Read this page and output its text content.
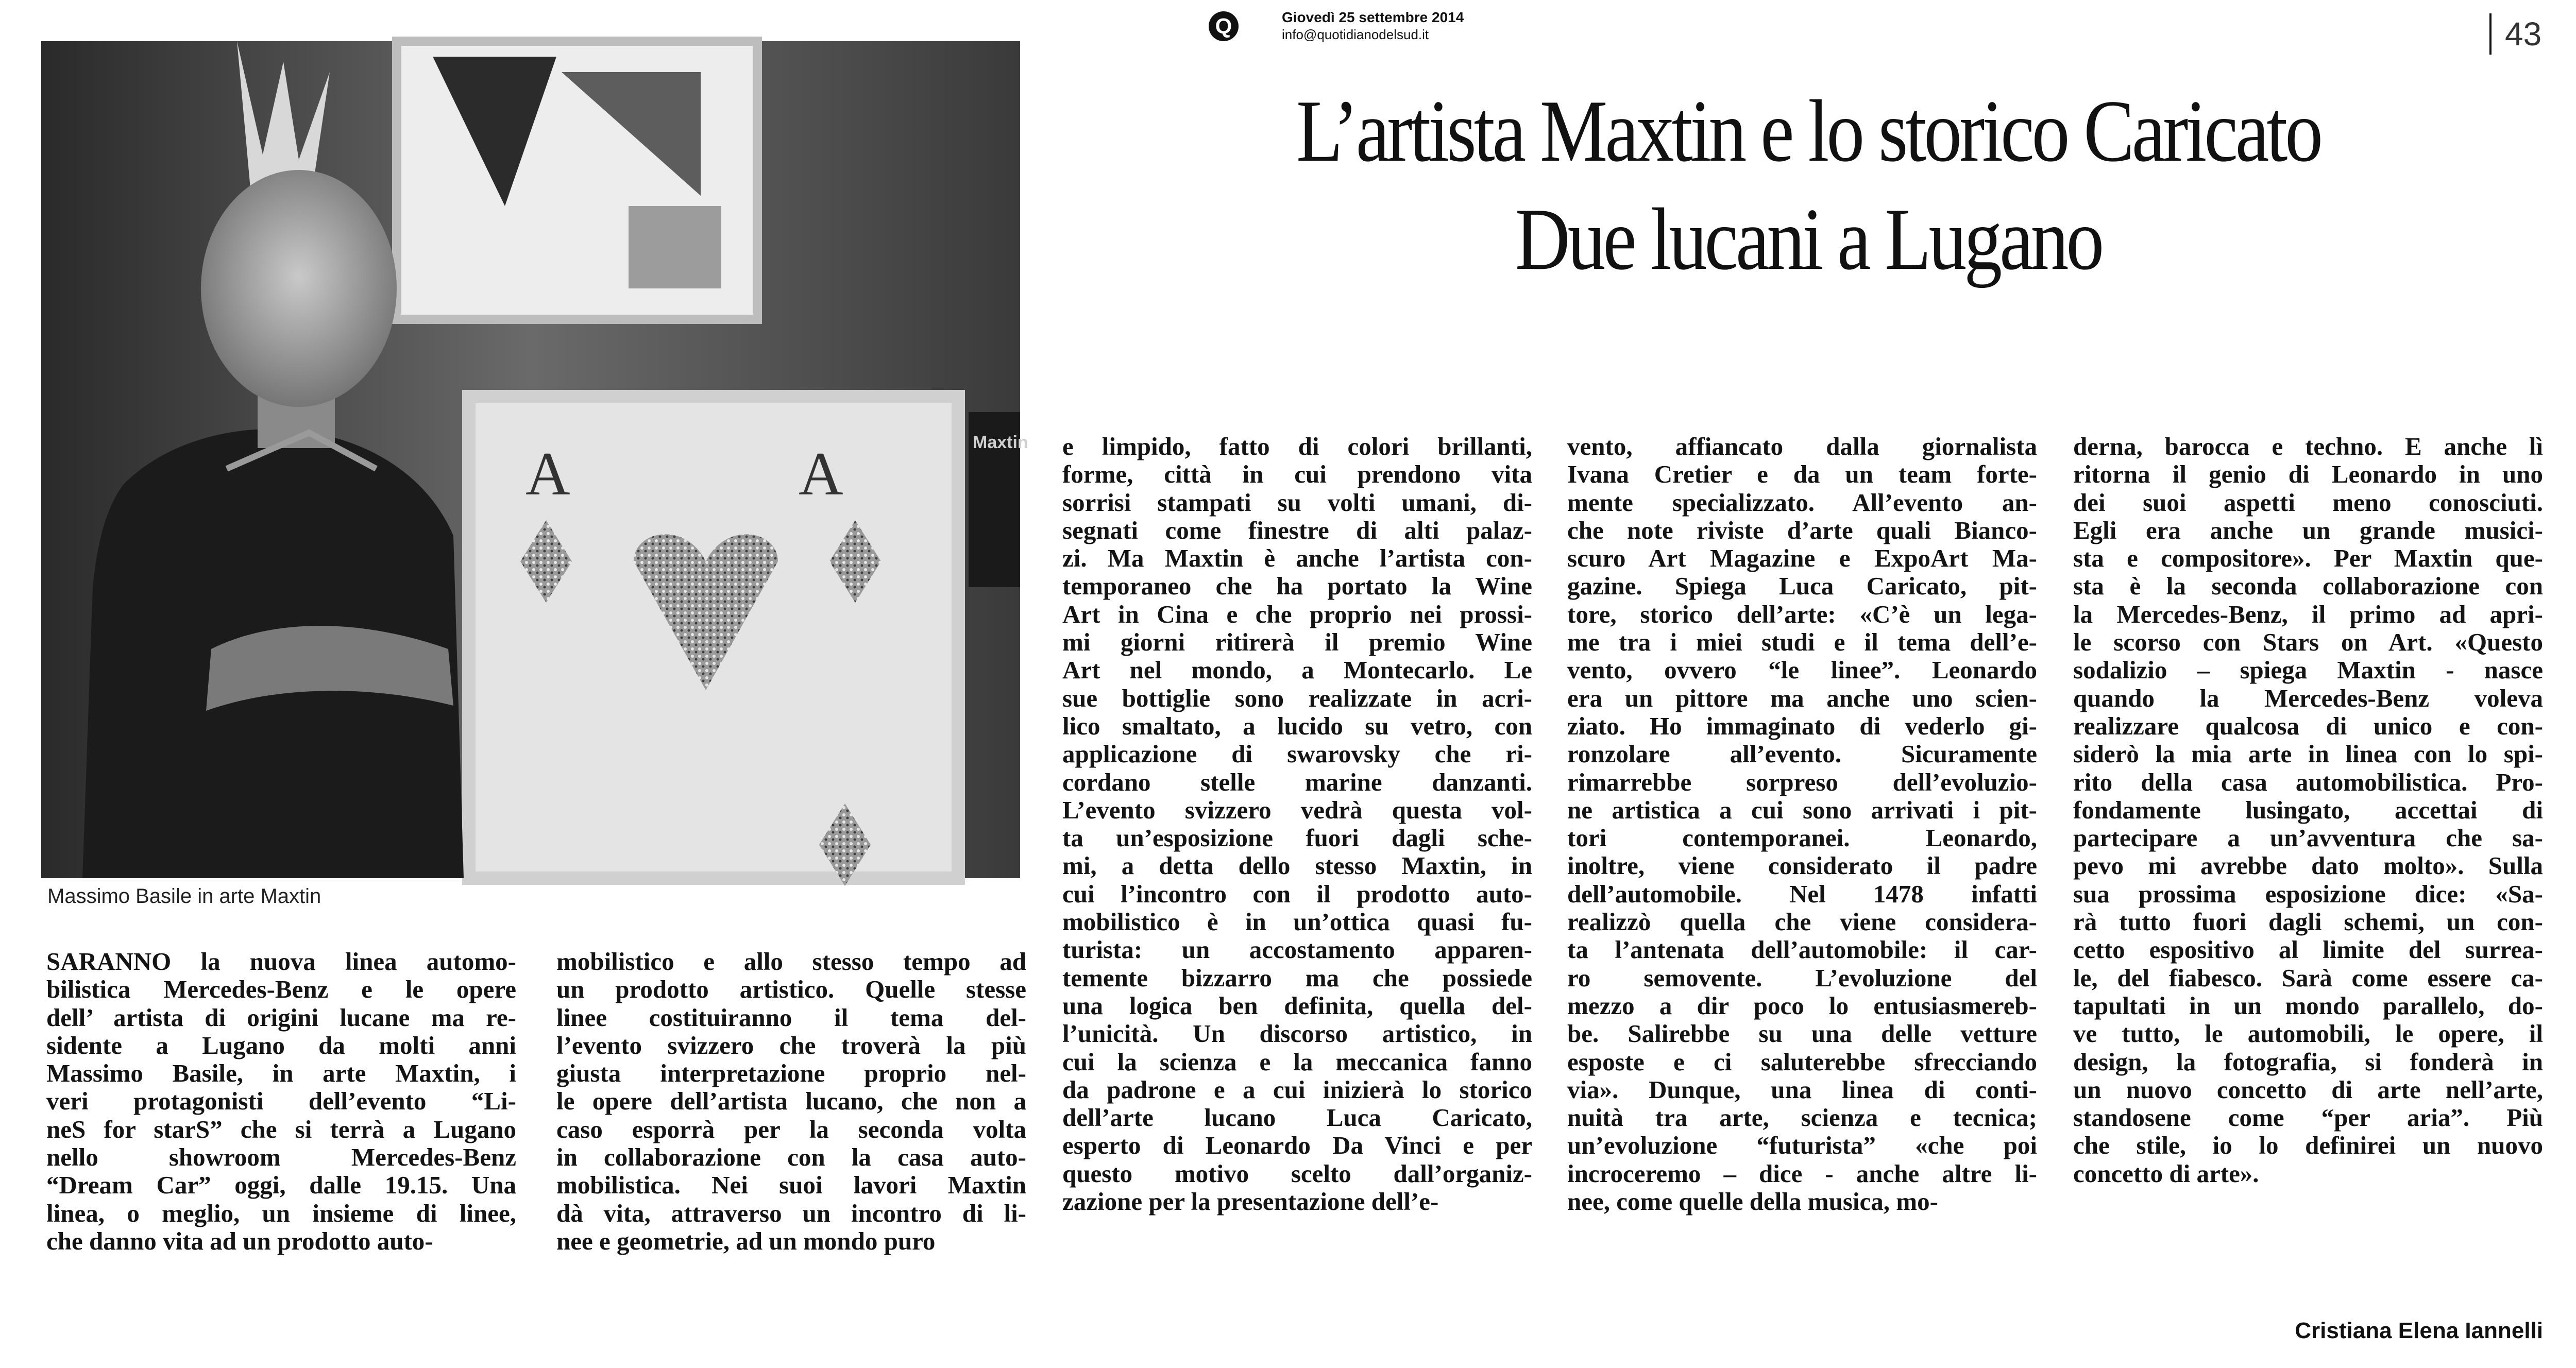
Q	Giovedì 25 settembre 2014
info@quotidianodelsud.it	43
L’artista Maxtin e lo storico Caricato
Due lucani a Lugano
A	A	Maxtin
Massimo Basile in arte Maxtin
SARANNO la nuova linea automo-
bilistica Mercedes-Benz e le opere
dell’ artista di origini lucane ma re-
sidente a Lugano da molti anni
Massimo Basile, in arte Maxtin, i
veri protagonisti dell’evento “Li-
neS for starS” che si terrà a Lugano
nello showroom Mercedes-Benz
“Dream Car” oggi, dalle 19.15. Una
linea, o meglio, un insieme di linee,
che danno vita ad un prodotto auto-
mobilistico e allo stesso tempo ad
un prodotto artistico. Quelle stesse
linee costituiranno il tema del-
l’evento svizzero che troverà la più
giusta interpretazione proprio nel-
le opere dell’artista lucano, che non a
caso esporrà per la seconda volta
in collaborazione con la casa auto-
mobilistica. Nei suoi lavori Maxtin
dà vita, attraverso un incontro di li-
nee e geometrie, ad un mondo puro
e limpido, fatto di colori brillanti,
forme, città in cui prendono vita
sorrisi stampati su volti umani, di-
segnati come finestre di alti palaz-
zi. Ma Maxtin è anche l’artista con-
temporaneo che ha portato la Wine
Art in Cina e che proprio nei prossi-
mi giorni ritirerà il premio Wine
Art nel mondo, a Montecarlo. Le
sue bottiglie sono realizzate in acri-
lico smaltato, a lucido su vetro, con
applicazione di swarovsky che ri-
cordano stelle marine danzanti.
L’evento svizzero vedrà questa vol-
ta un’esposizione fuori dagli sche-
mi, a detta dello stesso Maxtin, in
cui l’incontro con il prodotto auto-
mobilistico è in un’ottica quasi fu-
turista: un accostamento apparen-
temente bizzarro ma che possiede
una logica ben definita, quella del-
l’unicità. Un discorso artistico, in
cui la scienza e la meccanica fanno
da padrone e a cui inizierà lo storico
dell’arte lucano Luca Caricato,
esperto di Leonardo Da Vinci e per
questo motivo scelto dall’organiz-
zazione per la presentazione dell’e-
vento, affiancato dalla giornalista
Ivana Cretier e da un team forte-
mente specializzato. All’evento an-
che note riviste d’arte quali Bianco-
scuro Art Magazine e ExpoArt Ma-
gazine. Spiega Luca Caricato, pit-
tore, storico dell’arte: «C’è un lega-
me tra i miei studi e il tema dell’e-
vento, ovvero “le linee”. Leonardo
era un pittore ma anche uno scien-
ziato. Ho immaginato di vederlo gi-
ronzolare all’evento. Sicuramente
rimarrebbe sorpreso dell’evoluzio-
ne artistica a cui sono arrivati i pit-
tori contemporanei. Leonardo,
inoltre, viene considerato il padre
dell’automobile. Nel 1478 infatti
realizzò quella che viene considera-
ta l’antenata dell’automobile: il car-
ro semovente. L’evoluzione del
mezzo a dir poco lo entusiasmereb-
be. Salirebbe su una delle vetture
esposte e ci saluterebbe sfrecciando
via». Dunque, una linea di conti-
nuità tra arte, scienza e tecnica;
un’evoluzione “futurista” «che poi
incroceremo – dice - anche altre li-
nee, come quelle della musica, mo-
derna, barocca e techno. E anche lì
ritorna il genio di Leonardo in uno
dei suoi aspetti meno conosciuti.
Egli era anche un grande musici-
sta e compositore». Per Maxtin que-
sta è la seconda collaborazione con
la Mercedes-Benz, il primo ad apri-
le scorso con Stars on Art. «Questo
sodalizio – spiega Maxtin - nasce
quando la Mercedes-Benz voleva
realizzare qualcosa di unico e con-
siderò la mia arte in linea con lo spi-
rito della casa automobilistica. Pro-
fondamente lusingato, accettai di
partecipare a un’avventura che sa-
pevo mi avrebbe dato molto». Sulla
sua prossima esposizione dice: «Sa-
rà tutto fuori dagli schemi, un con-
cetto espositivo al limite del surrea-
le, del fiabesco. Sarà come essere ca-
tapultati in un mondo parallelo, do-
ve tutto, le automobili, le opere, il
design, la fotografia, si fonderà in
un nuovo concetto di arte nell’arte,
standosene come “per aria”. Più
che stile, io lo definirei un nuovo
concetto di arte».
Cristiana Elena Iannelli
